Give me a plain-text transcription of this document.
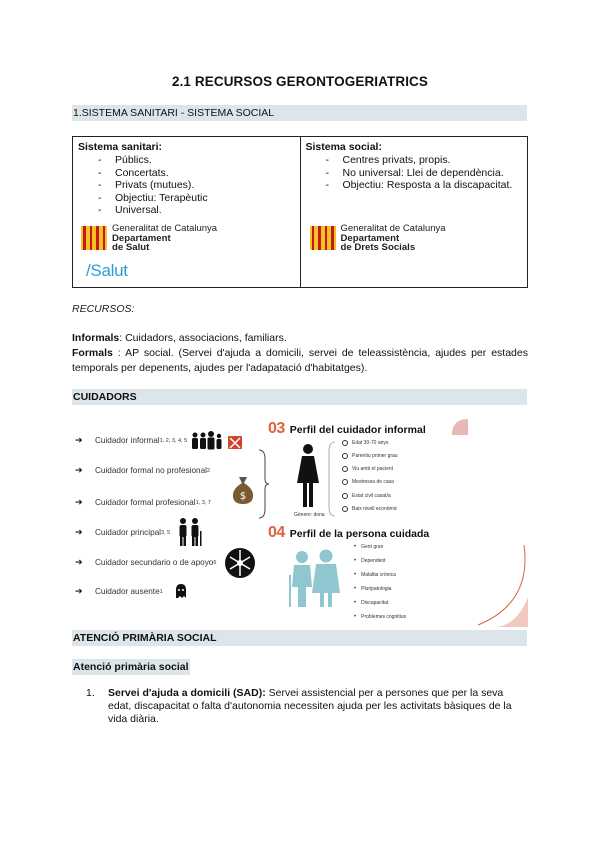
2.1 RECURSOS GERONTOGERIATRICS
1.SISTEMA SANITARI - SISTEMA SOCIAL
Sistema sanitari:
- Públics.
- Concertats.
- Privats (mutues).
- Objectiu: Terapèutic
- Universal.
Generalitat de Catalunya
Departament
de Salut
/Salut
Sistema social:
- Centres privats, propis.
- No universal: Llei de dependència.
- Objectiu: Resposta a la discapacitat.
Generalitat de Catalunya
Departament
de Drets Socials
RECURSOS:
Informals: Cuidadors, associacions, familiars.
Formals : AP social. (Servei d'ajuda a domicili, servei de teleassistència, ajudes per estades temporals per depenents, ajudes per l'adapatació d'habitatges).
CUIDADORS
➔	Cuidador informal 1, 2, 3, 4, 5
➔	Cuidador formal no profesional 2
➔	Cuidador formal profesional 1, 3, 7
➔	Cuidador principal 3, 5
➔	Cuidador secundario o de apoyo 6
➔	Cuidador ausente 1
$
03 Perfil del cuidador informal
Gènere: dona
Edat 30-70 anys
Parentiu primer grau
Viu amb el pacient
Mestressa de casa
Estat civil casat/a
Baix nivell econòmic
04 Perfil de la persona cuidada
• Gent gran
• Dependent
• Malaltia crònica
• Pluripatologia
• Discapacitat
• Problemes cognitius
ATENCIÓ PRIMÀRIA SOCIAL
Atenció primària social
1. Servei d'ajuda a domicili (SAD): Servei assistencial per a persones que per la seva edat, discapacitat o falta d'autonomia necessiten ajuda per les activitats bàsiques de la vida diària.
